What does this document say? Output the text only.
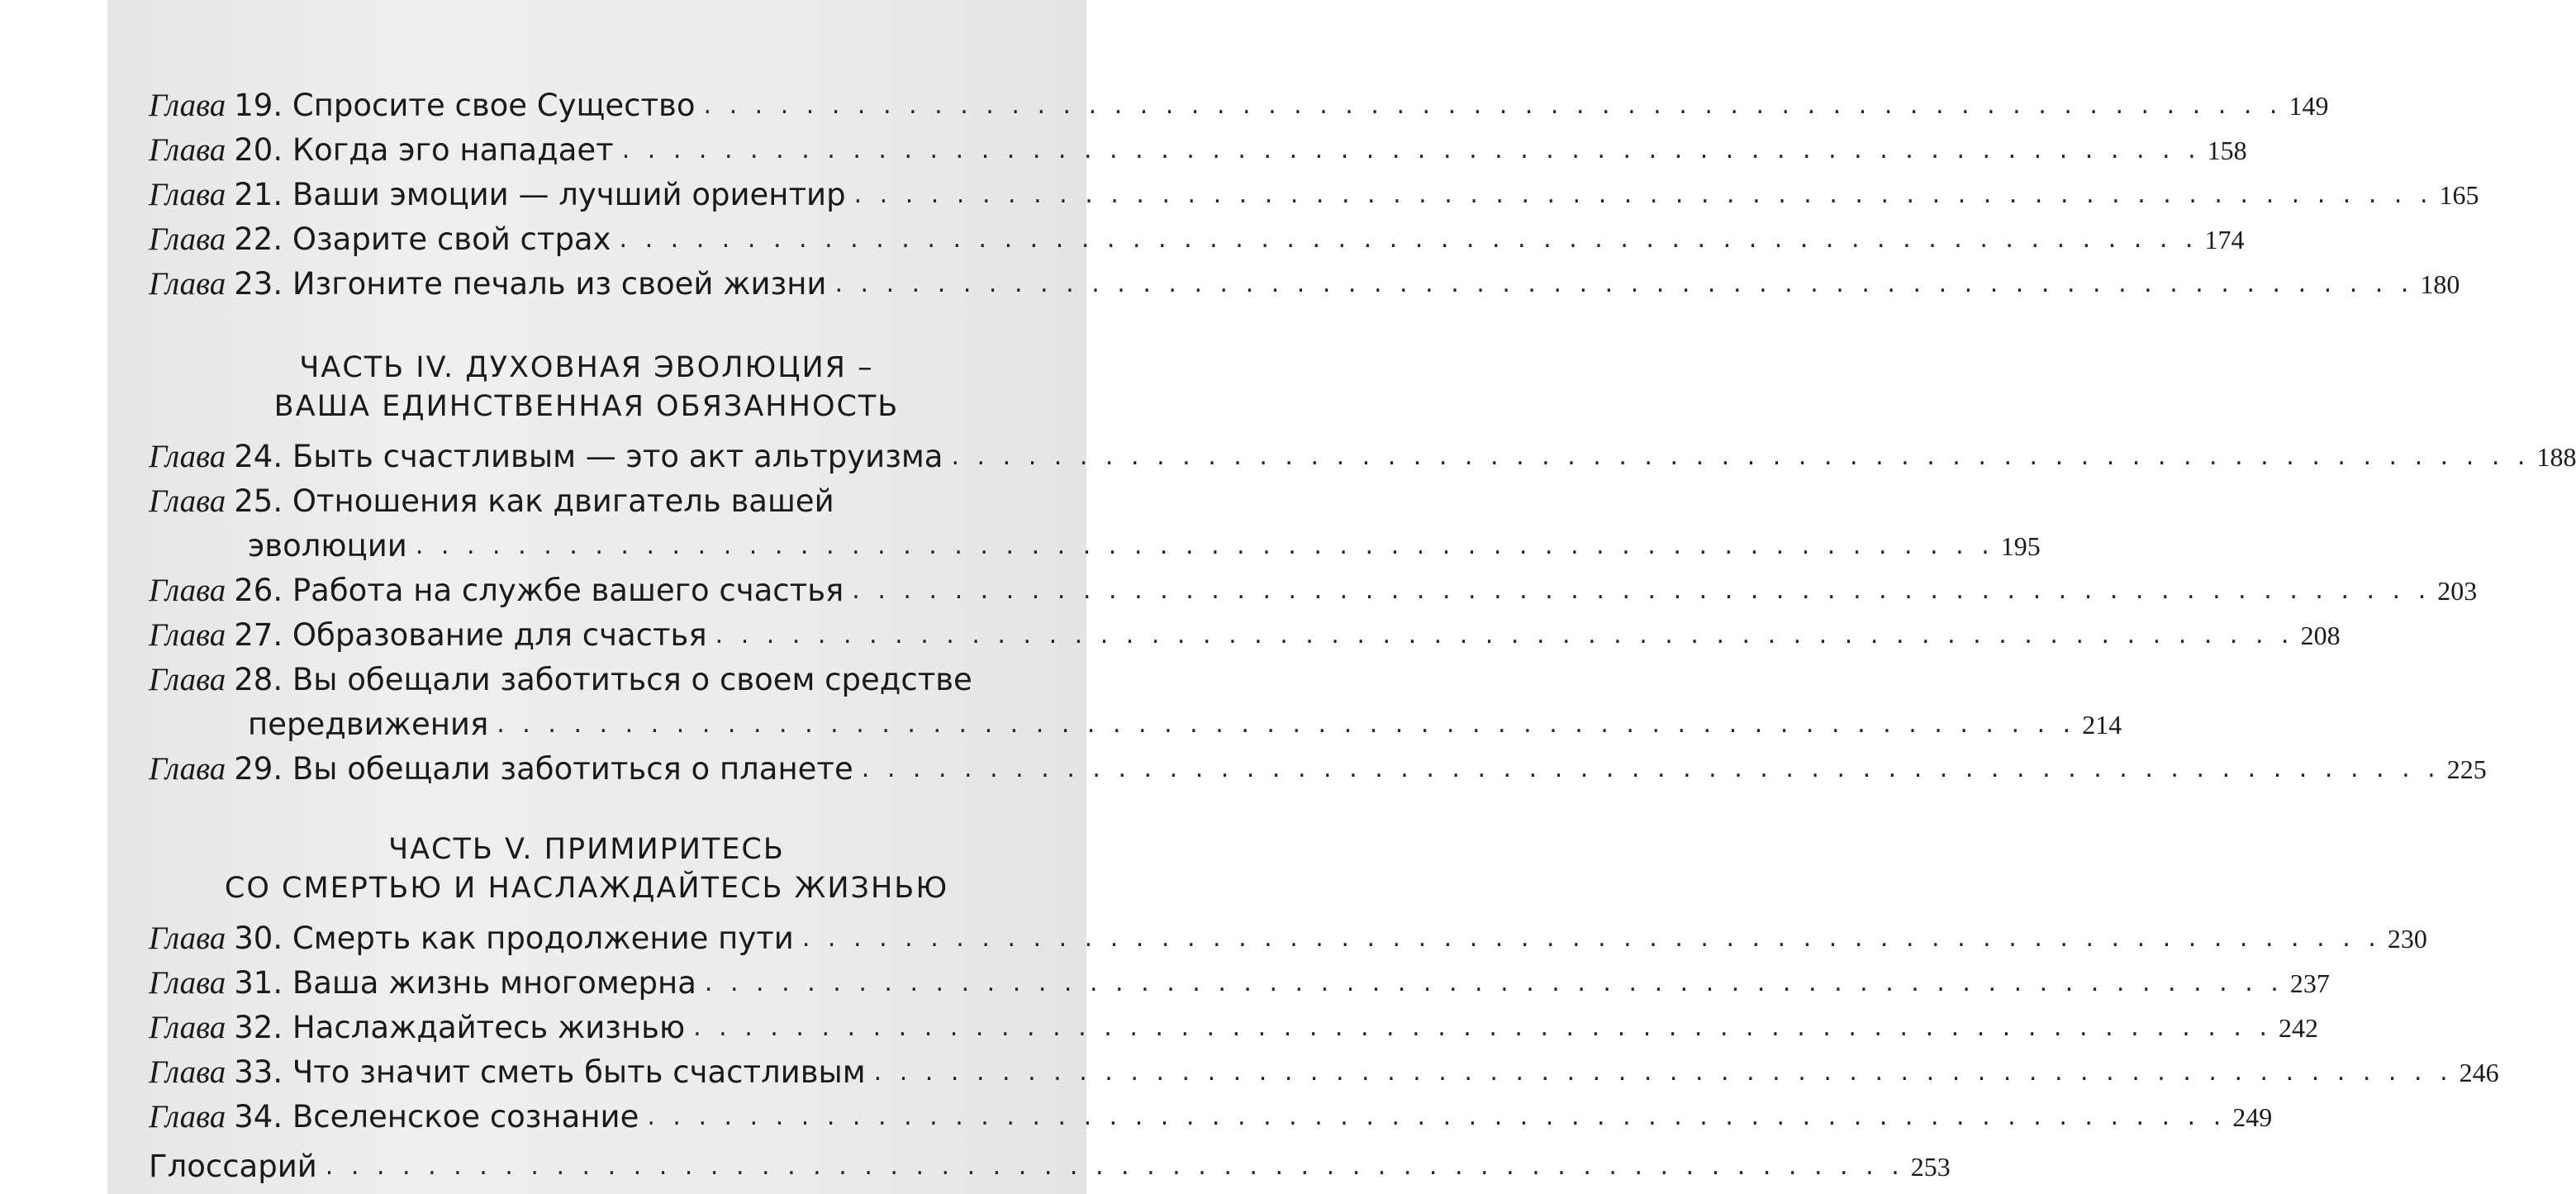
Глава 19. Спросите свое Существо . . . . . . . . . . . . . . . . . . . . . . . . . . . . . . . . . . . . . . . . . . . . . . . . . . . . . . . . . . . . . . 149
Глава 20. Когда эго нападает . . . . . . . . . . . . . . . . . . . . . . . . . . . . . . . . . . . . . . . . . . . . . . . . . . . . . . . . . . . . . . 158
Глава 21. Ваши эмоции — лучший ориентир . . . . . . . . . . . . . . . . . . . . . . . . . . . . . . . . . . . . . . . . . . . . . . . . . . . . . . . . . . . . . . 165
Глава 22. Озарите свой страх . . . . . . . . . . . . . . . . . . . . . . . . . . . . . . . . . . . . . . . . . . . . . . . . . . . . . . . . . . . . . . 174
Глава 23. Изгоните печаль из своей жизни . . . . . . . . . . . . . . . . . . . . . . . . . . . . . . . . . . . . . . . . . . . . . . . . . . . . . . . . . . . . . . 180
ЧАСТЬ IV. ДУХОВНАЯ ЭВОЛЮЦИЯ –
ВАША ЕДИНСТВЕННАЯ ОБЯЗАННОСТЬ
Глава 24. Быть счастливым — это акт альтруизма . . . . . . . . . . . . . . . . . . . . . . . . . . . . . . . . . . . . . . . . . . . . . . . . . . . . . . . . . . . . . . 188
Глава 25. Отношения как двигатель вашей
эволюции . . . . . . . . . . . . . . . . . . . . . . . . . . . . . . . . . . . . . . . . . . . . . . . . . . . . . . . . . . . . . . 195
Глава 26. Работа на службе вашего счастья . . . . . . . . . . . . . . . . . . . . . . . . . . . . . . . . . . . . . . . . . . . . . . . . . . . . . . . . . . . . . . 203
Глава 27. Образование для счастья . . . . . . . . . . . . . . . . . . . . . . . . . . . . . . . . . . . . . . . . . . . . . . . . . . . . . . . . . . . . . . 208
Глава 28. Вы обещали заботиться о своем средстве
передвижения . . . . . . . . . . . . . . . . . . . . . . . . . . . . . . . . . . . . . . . . . . . . . . . . . . . . . . . . . . . . . . 214
Глава 29. Вы обещали заботиться о планете . . . . . . . . . . . . . . . . . . . . . . . . . . . . . . . . . . . . . . . . . . . . . . . . . . . . . . . . . . . . . . 225
ЧАСТЬ V. ПРИМИРИТЕСЬ
СО СМЕРТЬЮ И НАСЛАЖДАЙТЕСЬ ЖИЗНЬЮ
Глава 30. Смерть как продолжение пути . . . . . . . . . . . . . . . . . . . . . . . . . . . . . . . . . . . . . . . . . . . . . . . . . . . . . . . . . . . . . . 230
Глава 31. Ваша жизнь многомерна . . . . . . . . . . . . . . . . . . . . . . . . . . . . . . . . . . . . . . . . . . . . . . . . . . . . . . . . . . . . . . 237
Глава 32. Наслаждайтесь жизнью . . . . . . . . . . . . . . . . . . . . . . . . . . . . . . . . . . . . . . . . . . . . . . . . . . . . . . . . . . . . . . 242
Глава 33. Что значит сметь быть счастливым . . . . . . . . . . . . . . . . . . . . . . . . . . . . . . . . . . . . . . . . . . . . . . . . . . . . . . . . . . . . . . 246
Глава 34. Вселенское сознание . . . . . . . . . . . . . . . . . . . . . . . . . . . . . . . . . . . . . . . . . . . . . . . . . . . . . . . . . . . . . . 249
Глоссарий . . . . . . . . . . . . . . . . . . . . . . . . . . . . . . . . . . . . . . . . . . . . . . . . . . . . . . . . . . . . . . 253
